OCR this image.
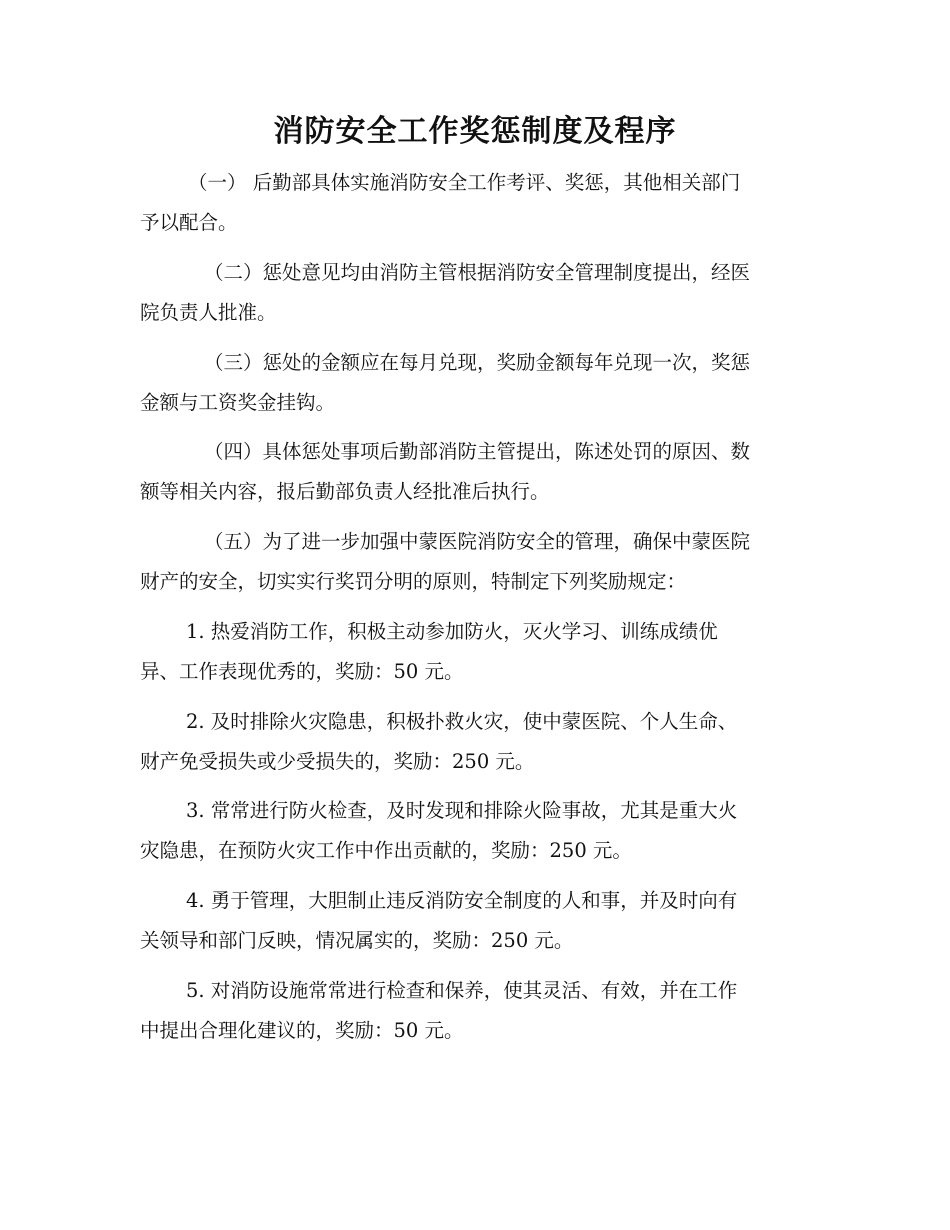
消防安全工作奖惩制度及程序

（一） 后勤部具体实施消防安全工作考评、奖惩，其他相关部门
予以配合。

（二）惩处意见均由消防主管根据消防安全管理制度提出，经医
院负责人批准。

（三）惩处的金额应在每月兑现，奖励金额每年兑现一次，奖惩
金额与工资奖金挂钩。

（四）具体惩处事项后勤部消防主管提出，陈述处罚的原因、数
额等相关内容，报后勤部负责人经批准后执行。

（五）为了进一步加强中蒙医院消防安全的管理，确保中蒙医院
财产的安全，切实实行奖罚分明的原则，特制定下列奖励规定：

1. 热爱消防工作，积极主动参加防火，灭火学习、训练成绩优
异、工作表现优秀的，奖励：50 元。

2. 及时排除火灾隐患，积极扑救火灾，使中蒙医院、个人生命、
财产免受损失或少受损失的，奖励：250 元。

3. 常常进行防火检查，及时发现和排除火险事故，尤其是重大火
灾隐患，在预防火灾工作中作出贡献的，奖励：250 元。

4. 勇于管理，大胆制止违反消防安全制度的人和事，并及时向有
关领导和部门反映，情况属实的，奖励：250 元。

5. 对消防设施常常进行检查和保养，使其灵活、有效，并在工作
中提出合理化建议的，奖励：50 元。
